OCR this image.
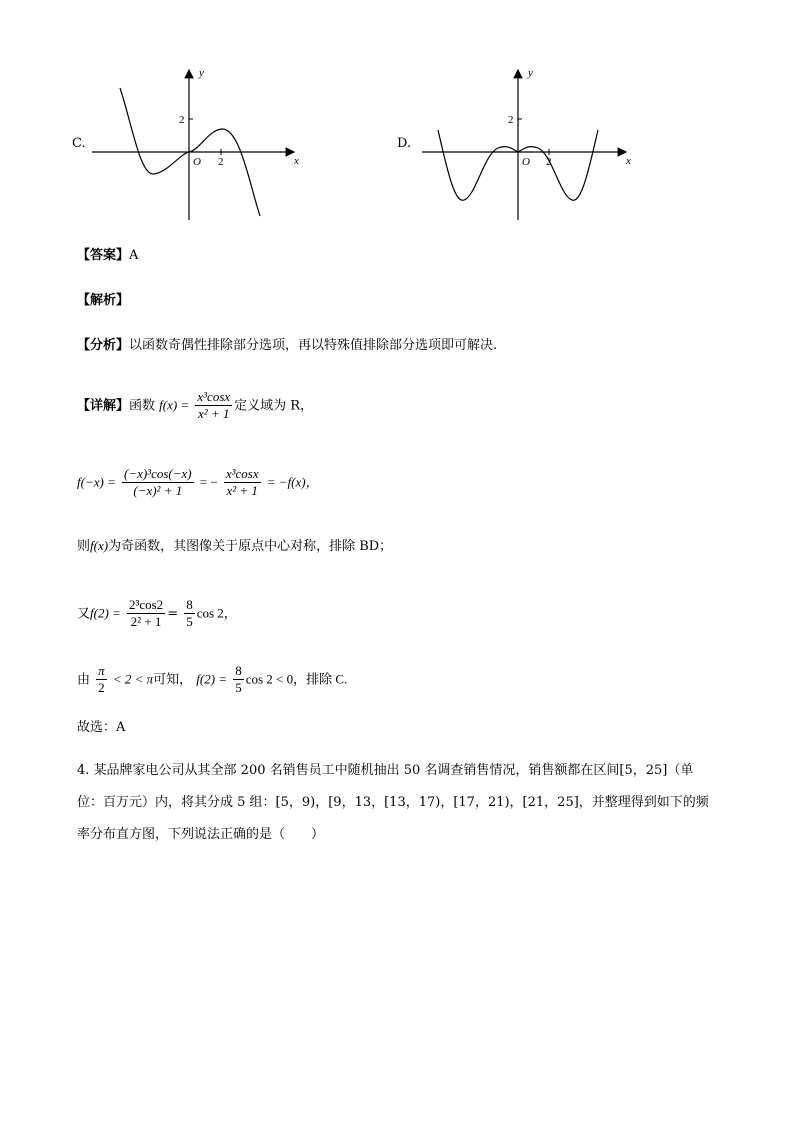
C.
y
x
O 2
2
D.
y
x
O 2
2
【答案】A
【解析】
【分析】以函数奇偶性排除部分选项，再以特殊值排除部分选项即可解决.
【详解】函数 $f(x) = \frac{\text{x³cosx}}{\text{x² + 1}}$ 定义域为 R，
$f(-x) = \frac{\text{(−x)³cos(−x)}}{\text{(−x)² + 1}}$ = − $\frac{\text{x³cosx}}{\text{x² + 1}} = -f(x)$，
则f(x)为奇函数，其图像关于原点中心对称，排除 BD；
又$f(2) = \frac{\text{2³cos2}}{\text{2² + 1}} = \frac{8}{5}$ cos 2，
由 $\frac{\pi}{2} < 2 < \pi$可知， $f(2) = \frac{8}{5}$ cos 2 < 0，排除 C.
故选：A
4. 某品牌家电公司从其全部 200 名销售员工中随机抽出 50 名调查销售情况，销售额都在区间[5，25]（单
位：百万元）内，将其分成 5 组：[5，9)，[9，13，[13，17)，[17，21)，[21，25]，并整理得到如下的频
率分布直方图，下列说法正确的是（　　）
